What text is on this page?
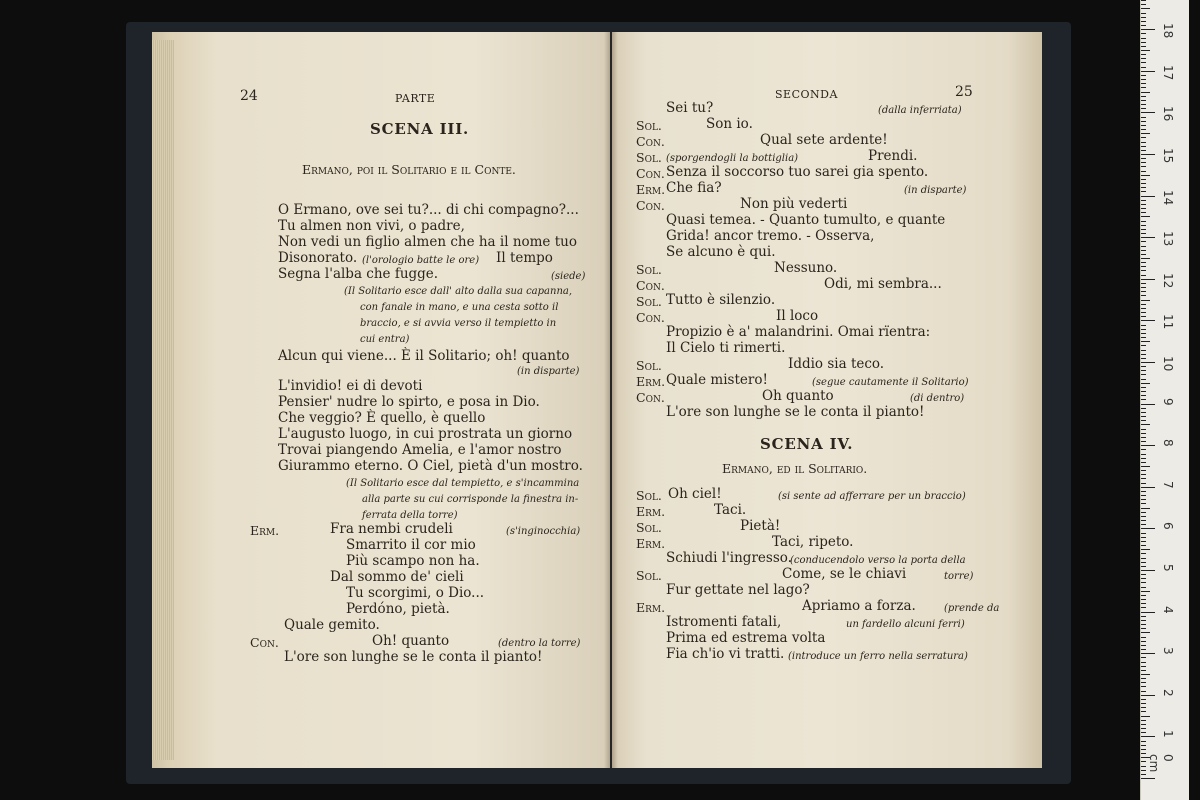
24	PARTE
SCENA III.
Ermano, poi il Solitario e il Conte.
O Ermano, ove sei tu?... di chi compagno?...
Tu almen non vivi, o padre,
Non vedi un figlio almen che ha il nome tuo
Disonorato. (l'orologio batte le ore) Il tempo
Segna l'alba che fugge.	(siede)
(Il Solitario esce dall' alto dalla sua capanna,
con fanale in mano, e una cesta sotto il
braccio, e si avvia verso il tempietto in
cui entra)
Alcun qui viene... È il Solitario; oh! quanto
(in disparte)
L'invidio! ei di devoti
Pensier' nudre lo spirto, e posa in Dio.
Che veggio? È quello, è quello
L'augusto luogo, in cui prostrata un giorno
Trovai piangendo Amelia, e l'amor nostro
Giurammo eterno. O Ciel, pietà d'un mostro.
(Il Solitario esce dal tempietto, e s'incammina
alla parte su cui corrisponde la finestra in-
ferrata della torre)
Erm.	Fra nembi crudeli	(s'inginocchia)
Smarrito il cor mio
Più scampo non ha.
Dal sommo de' cieli
Tu scorgimi, o Dio...
Perdóno, pietà.
Quale gemito.
Con.	Oh! quanto	(dentro la torre)
L'ore son lunghe se le conta il pianto!
SECONDA	25
Sei tu?	(dalla inferriata)
Sol.	Son io.
Con.	Qual sete ardente!
Sol. (sporgendogli la bottiglia)	Prendi.
Con. Senza il soccorso tuo sarei gia spento.
Erm. Che fia?	(in disparte)
Con.	Non più vederti
Quasi temea. - Quanto tumulto, e quante
Grida! ancor tremo. - Osserva,
Se alcuno è qui.
Sol.	Nessuno.
Con.	Odi, mi sembra...
Sol. Tutto è silenzio.
Con.	Il loco
Propizio è a' malandrini. Omai rïentra:
Il Cielo ti rimerti.
Sol.	Iddio sia teco.
Erm. Quale mistero!	(segue cautamente il Solitario)
Con.	Oh quanto	(di dentro)
L'ore son lunghe se le conta il pianto!
SCENA IV.
Ermano, ed il Solitario.
Sol. Oh ciel!	(si sente ad afferrare per un braccio)
Erm.	Taci.
Sol.	Pietà!
Erm.	Taci, ripeto.
Schiudi l'ingresso.
(conducendolo verso la porta della
Sol.	Come, se le chiavi	torre)
Fur gettate nel lago?
Erm.	Apriamo a forza.	(prende da
Istromenti fatali,	un fardello alcuni ferri)
Prima ed estrema volta
Fia ch'io vi tratti. (introduce un ferro nella serratura)
0 cm
1
2
3
4
5
6
7
8
9
10
11
12
13
14
15
16
17
18
